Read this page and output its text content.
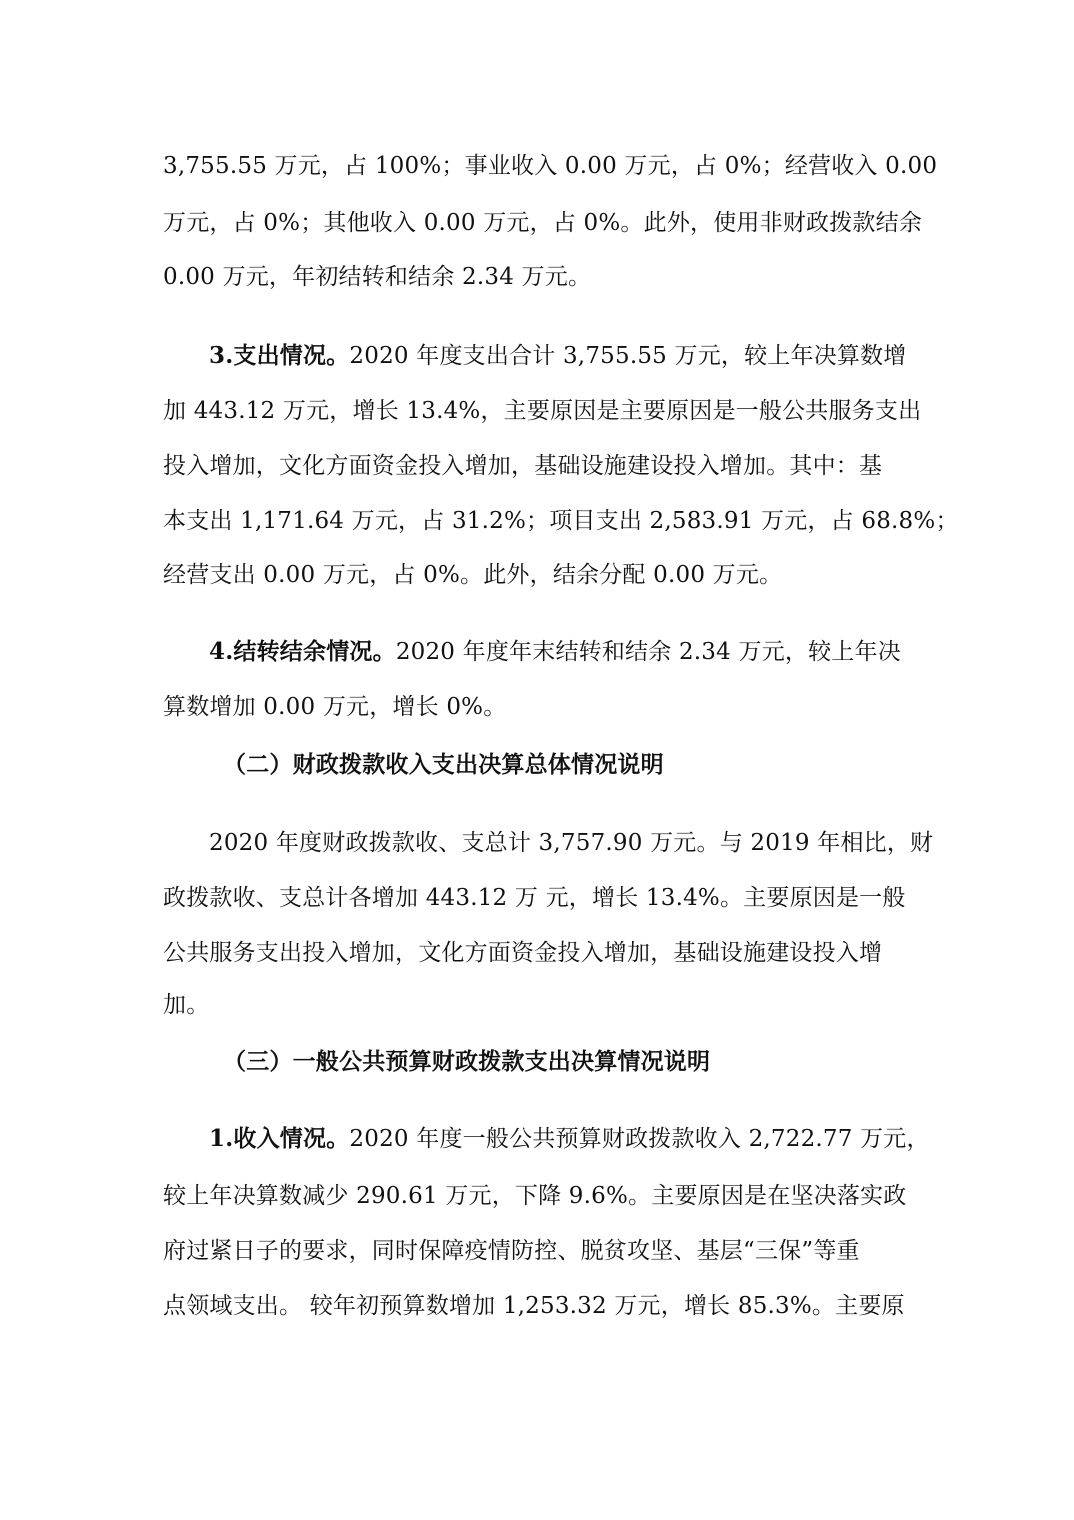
3,755.55 万元，占 100%；事业收入 0.00 万元，占 0%；经营收入 0.00
万元，占 0%；其他收入 0.00 万元，占 0%。此外，使用非财政拨款结余
0.00 万元，年初结转和结余 2.34 万元。
3.支出情况。2020 年度支出合计 3,755.55 万元，较上年决算数增
加 443.12 万元，增长 13.4%，主要原因是主要原因是一般公共服务支出
投入增加，文化方面资金投入增加，基础设施建设投入增加。其中：基
本支出 1,171.64 万元，占 31.2%；项目支出 2,583.91 万元，占 68.8%；
经营支出 0.00 万元，占 0%。此外，结余分配 0.00 万元。
4.结转结余情况。2020 年度年末结转和结余 2.34 万元，较上年决
算数增加 0.00 万元，增长 0%。
（二）财政拨款收入支出决算总体情况说明
2020 年度财政拨款收、支总计 3,757.90 万元。与 2019 年相比，财
政拨款收、支总计各增加 443.12 万 元，增长 13.4%。主要原因是一般
公共服务支出投入增加，文化方面资金投入增加，基础设施建设投入增
加。
（三）一般公共预算财政拨款支出决算情况说明
1.收入情况。2020 年度一般公共预算财政拨款收入 2,722.77 万元，
较上年决算数减少 290.61 万元，下降 9.6%。主要原因是在坚决落实政
府过紧日子的要求，同时保障疫情防控、脱贫攻坚、基层“三保”等重
点领域支出。 较年初预算数增加 1,253.32 万元，增长 85.3%。主要原
